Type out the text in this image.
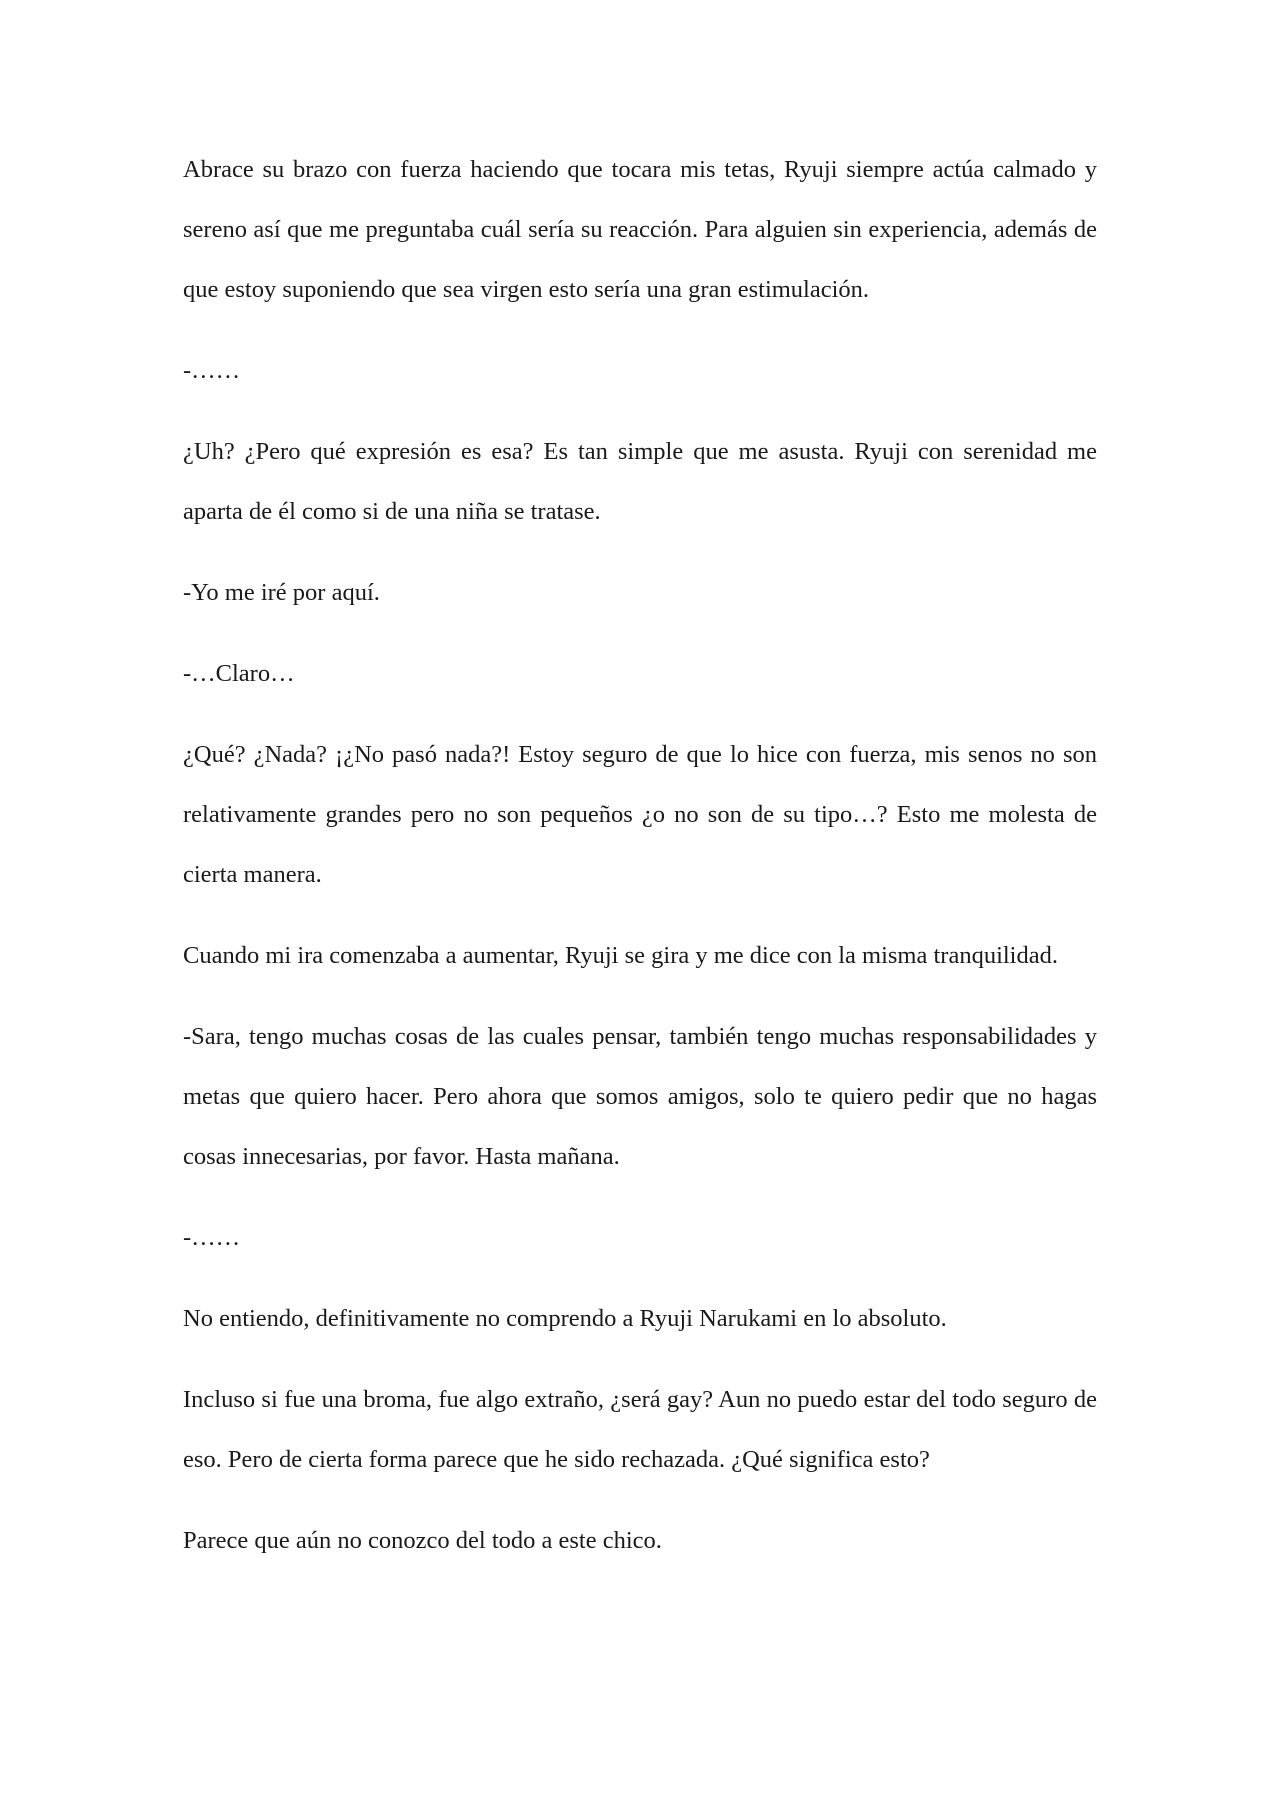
Abrace su brazo con fuerza haciendo que tocara mis tetas, Ryuji siempre actúa calmado y sereno así que me preguntaba cuál sería su reacción. Para alguien sin experiencia, además de que estoy suponiendo que sea virgen esto sería una gran estimulación.

-……

¿Uh? ¿Pero qué expresión es esa? Es tan simple que me asusta. Ryuji con serenidad me aparta de él como si de una niña se tratase.

-Yo me iré por aquí.

-…Claro…

¿Qué? ¿Nada? ¡¿No pasó nada?! Estoy seguro de que lo hice con fuerza, mis senos no son relativamente grandes pero no son pequeños ¿o no son de su tipo…? Esto me molesta de cierta manera.

Cuando mi ira comenzaba a aumentar, Ryuji se gira y me dice con la misma tranquilidad.

-Sara, tengo muchas cosas de las cuales pensar, también tengo muchas responsabilidades y metas que quiero hacer. Pero ahora que somos amigos, solo te quiero pedir que no hagas cosas innecesarias, por favor. Hasta mañana.

-……

No entiendo, definitivamente no comprendo a Ryuji Narukami en lo absoluto.

Incluso si fue una broma, fue algo extraño, ¿será gay? Aun no puedo estar del todo seguro de eso. Pero de cierta forma parece que he sido rechazada. ¿Qué significa esto?

Parece que aún no conozco del todo a este chico.
